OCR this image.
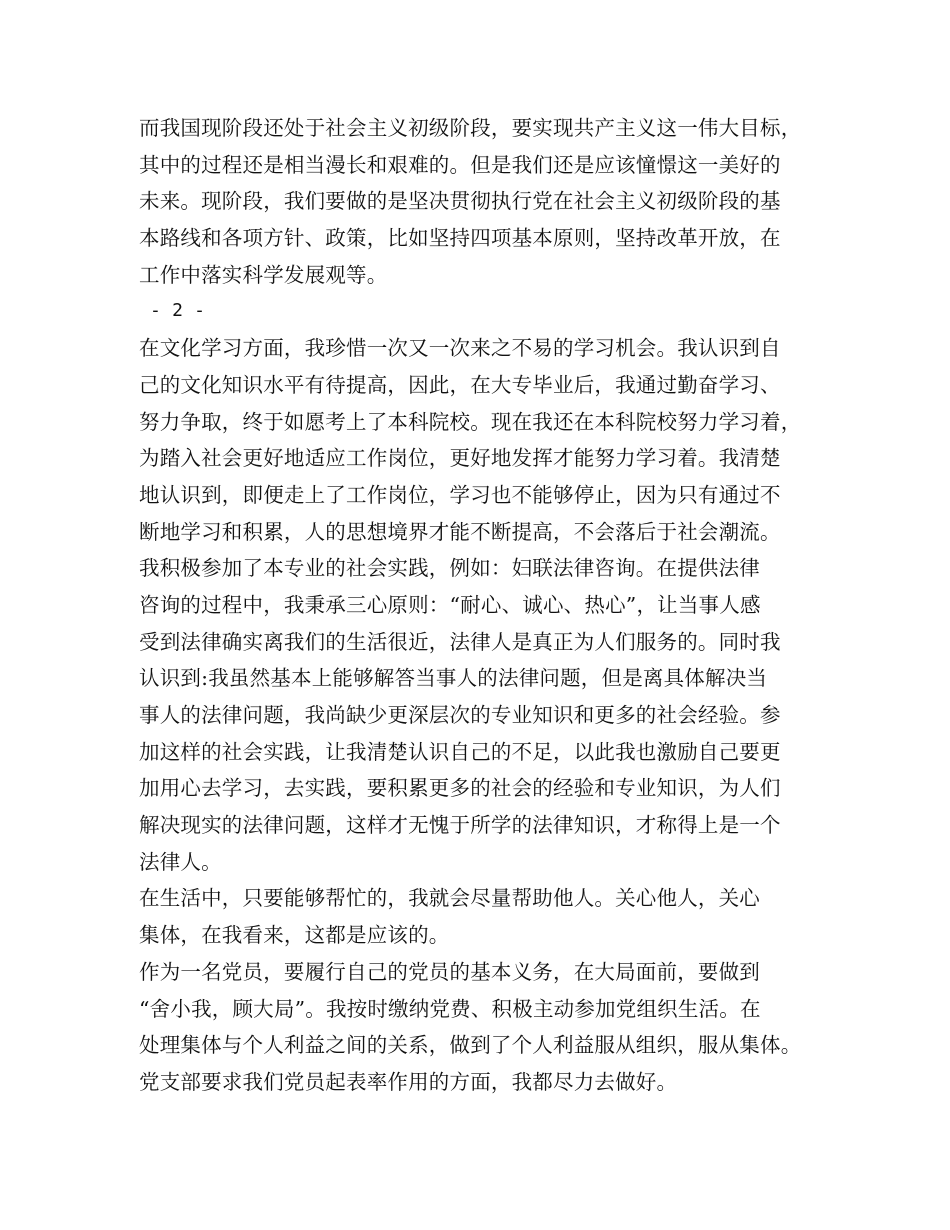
而我国现阶段还处于社会主义初级阶段，要实现共产主义这一伟大目标，
其中的过程还是相当漫长和艰难的。但是我们还是应该憧憬这一美好的
未来。现阶段，我们要做的是坚决贯彻执行党在社会主义初级阶段的基
本路线和各项方针、政策，比如坚持四项基本原则，坚持改革开放，在
工作中落实科学发展观等。
- 2 -
在文化学习方面，我珍惜一次又一次来之不易的学习机会。我认识到自
己的文化知识水平有待提高，因此，在大专毕业后，我通过勤奋学习、
努力争取，终于如愿考上了本科院校。现在我还在本科院校努力学习着，
为踏入社会更好地适应工作岗位，更好地发挥才能努力学习着。我清楚
地认识到，即便走上了工作岗位，学习也不能够停止，因为只有通过不
断地学习和积累，人的思想境界才能不断提高，不会落后于社会潮流。
我积极参加了本专业的社会实践，例如：妇联法律咨询。在提供法律
咨询的过程中，我秉承三心原则：“耐心、诚心、热心”，让当事人感
受到法律确实离我们的生活很近，法律人是真正为人们服务的。同时我
认识到:我虽然基本上能够解答当事人的法律问题，但是离具体解决当
事人的法律问题，我尚缺少更深层次的专业知识和更多的社会经验。参
加这样的社会实践，让我清楚认识自己的不足，以此我也激励自己要更
加用心去学习，去实践，要积累更多的社会的经验和专业知识，为人们
解决现实的法律问题，这样才无愧于所学的法律知识，才称得上是一个
法律人。
在生活中，只要能够帮忙的，我就会尽量帮助他人。关心他人，关心
集体，在我看来，这都是应该的。
作为一名党员，要履行自己的党员的基本义务，在大局面前，要做到
“舍小我，顾大局”。我按时缴纳党费、积极主动参加党组织生活。在
处理集体与个人利益之间的关系，做到了个人利益服从组织，服从集体。
党支部要求我们党员起表率作用的方面，我都尽力去做好。
